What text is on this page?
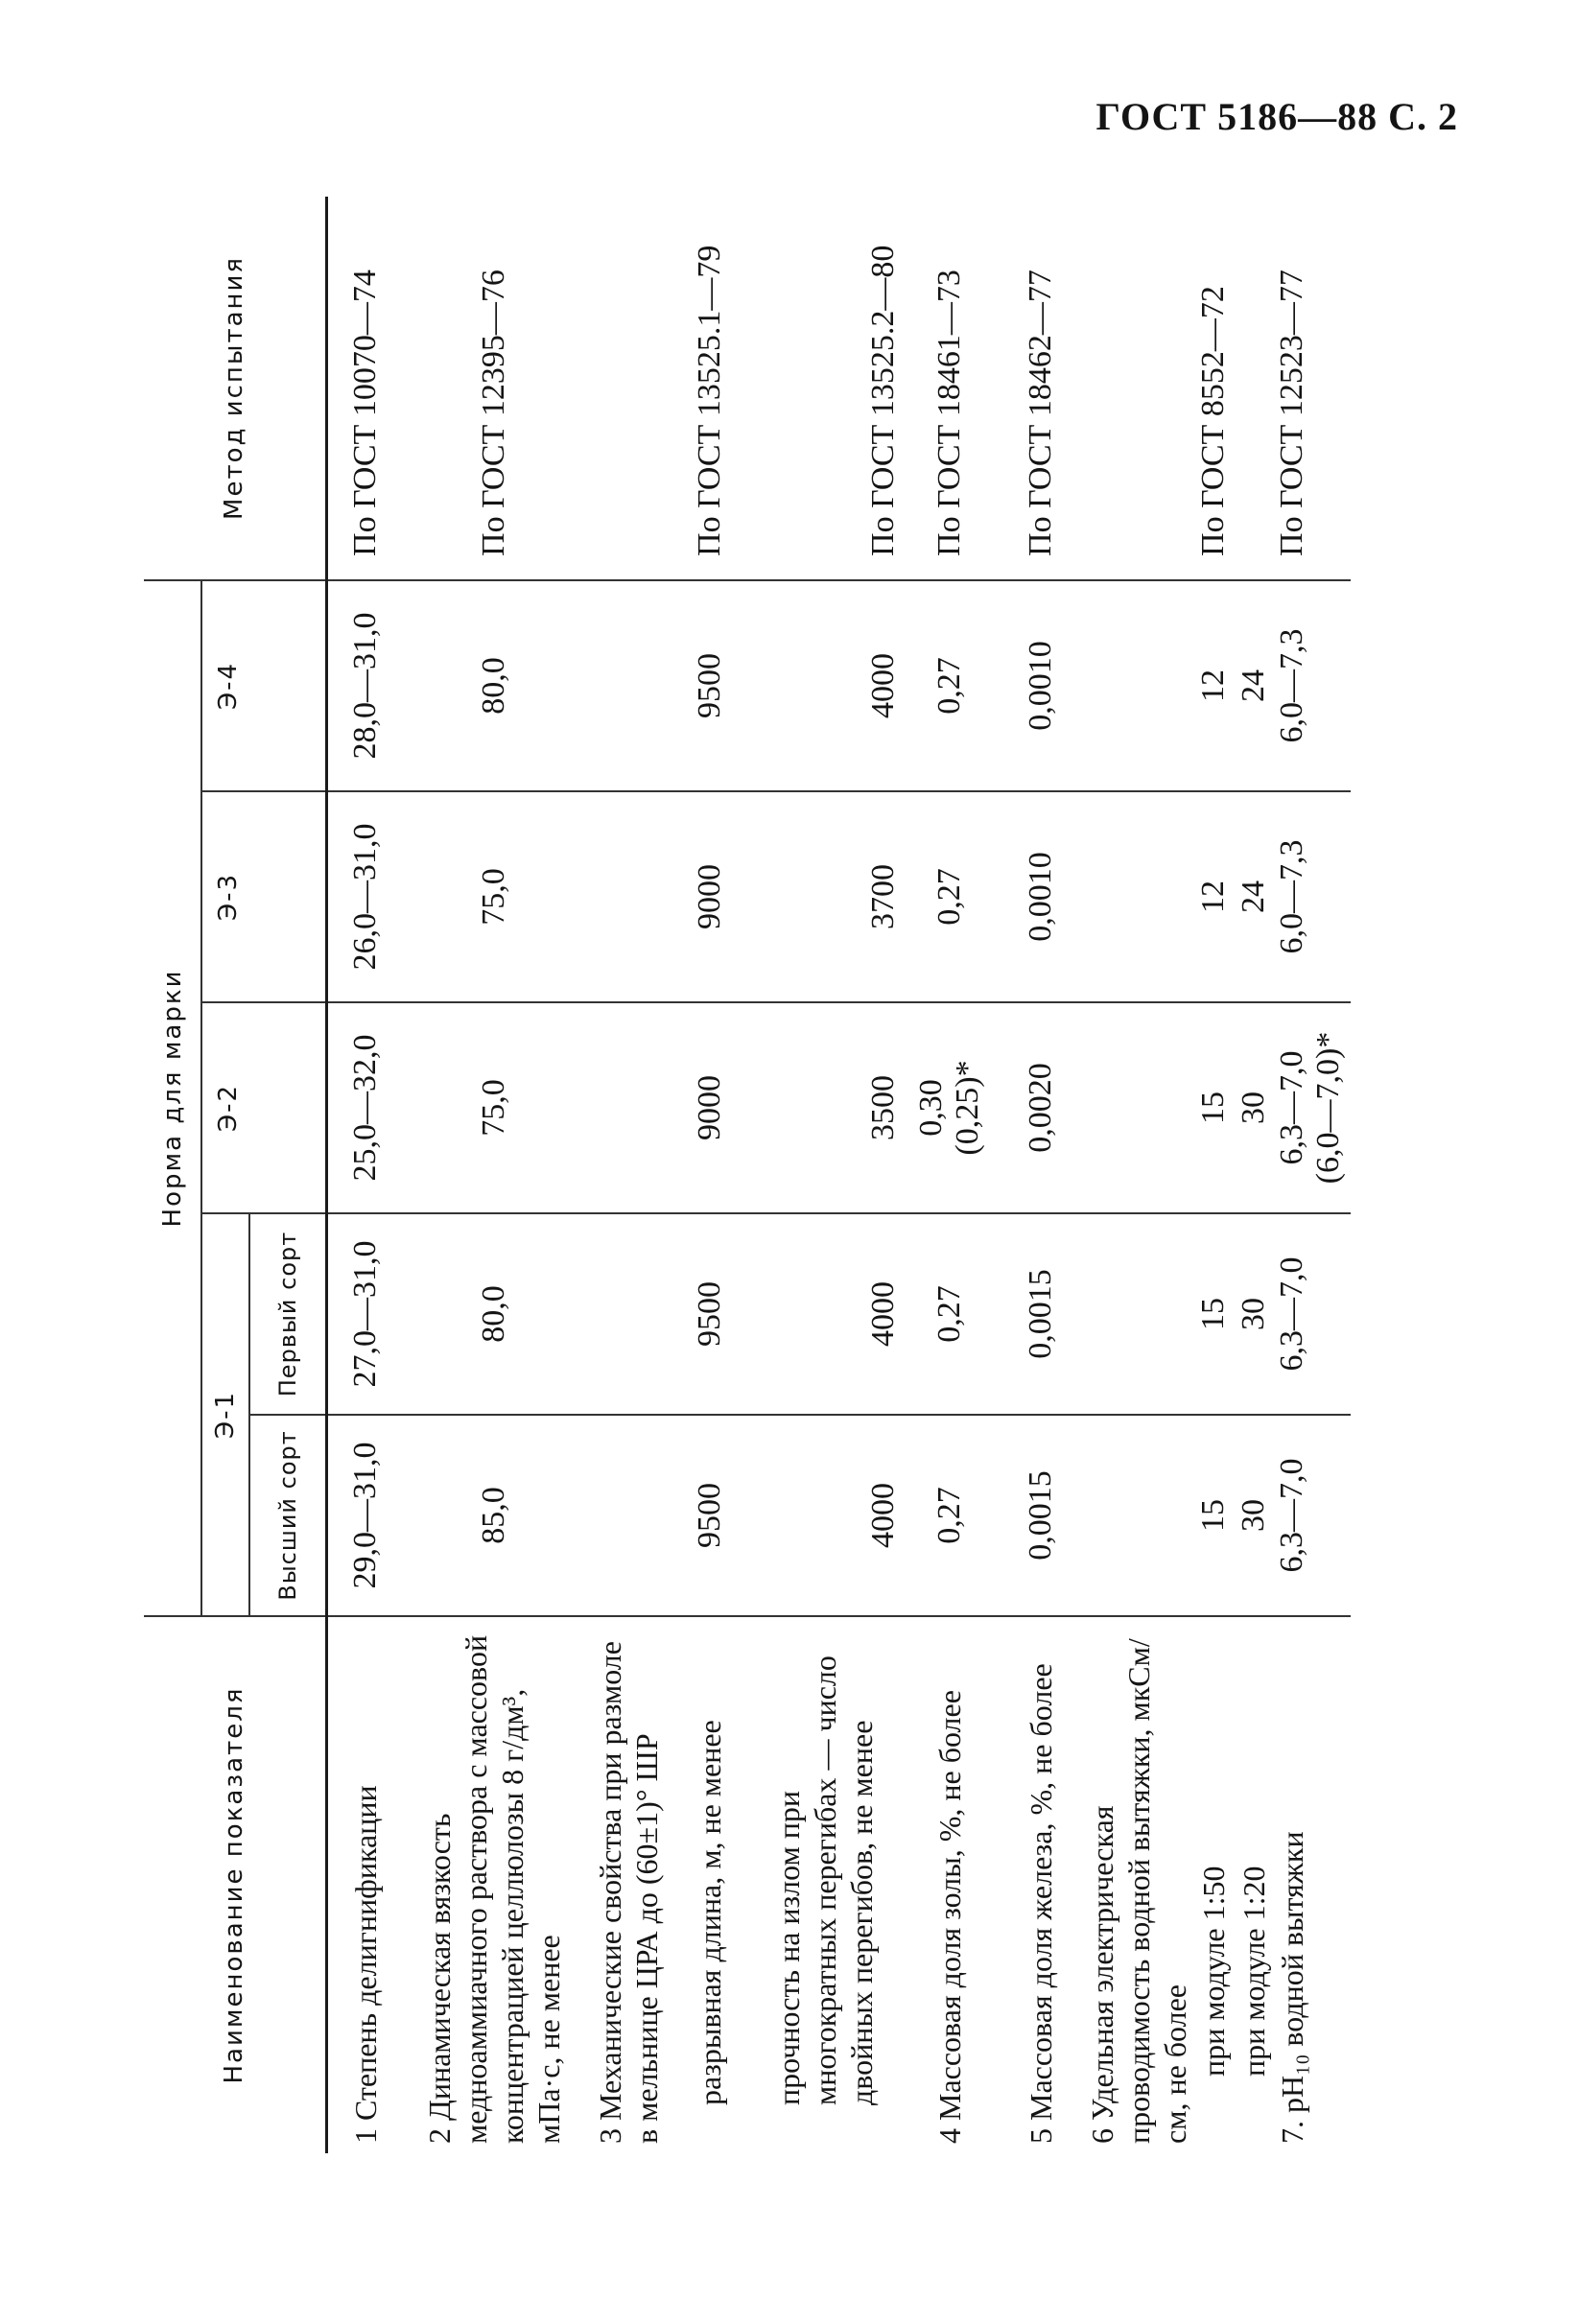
ГОСТ 5186—88 С. 2
Наименование показателя	Норма для марки					Метод испытания
	Э-1		Э-2	Э-3	Э-4	
	Высший сорт	Первый сорт				
1 Степень делигнификации	29,0—31,0	27,0—31,0	25,0—32,0	26,0—31,0	28,0—31,0	По ГОСТ 10070—74
2 Динамическая вязкость медноаммиачного раствора с массовой концентрацией целлюлозы 8 г/дм³, мПа·с, не менее	85,0	80,0	75,0	75,0	80,0	По ГОСТ 12395—76
3 Механические свойства при размоле в мельнице ЦРА до (60±1)° ШР						

разрывная длина, м, не менее	9500	9500	9000	9000	9500	По ГОСТ 13525.1—79

прочность на излом при многократных перегибах — число двойных перегибов, не менее	4000	4000	3500	3700	4000	По ГОСТ 13525.2—80
4 Массовая доля золы, %, не более	0,27	0,27	0,30 (0,25)*	0,27	0,27	По ГОСТ 18461—73
5 Массовая доля железа, %, не более	0,0015	0,0015	0,0020	0,0010	0,0010	По ГОСТ 18462—77
6 Удельная электрическая проводимость водной вытяжки, мкСм/см, не более						

при модуле 1:50	15	15	15	12	12	По ГОСТ 8552—72

при модуле 1:20	30	30	30	24	24	
7. pH₁₀ водной вытяжки	6,3—7,0	6,3—7,0	6,3—7,0 (6,0—7,0)*	6,0—7,3	6,0—7,3	По ГОСТ 12523—77
